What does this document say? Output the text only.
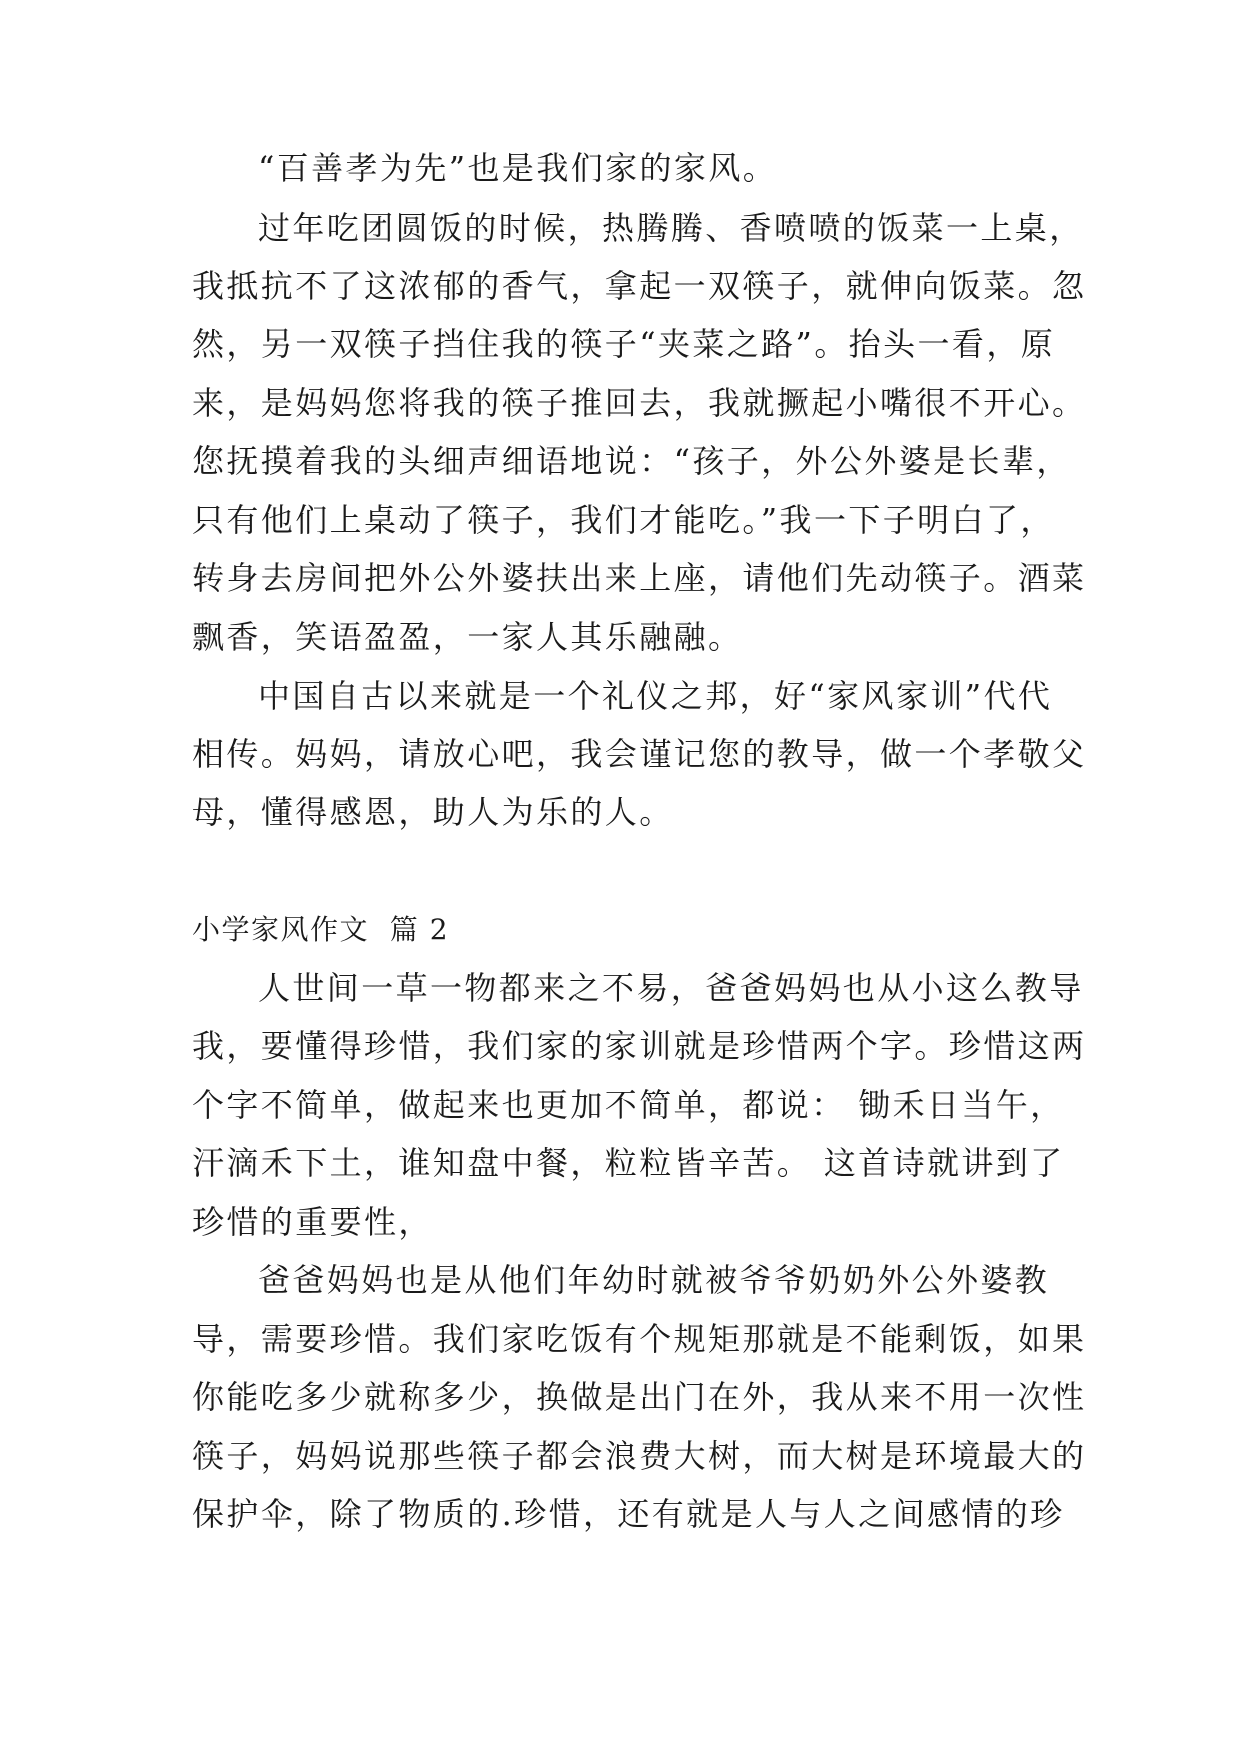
“百善孝为先”也是我们家的家风。
过年吃团圆饭的时候，热腾腾、香喷喷的饭菜一上桌，
我抵抗不了这浓郁的香气，拿起一双筷子，就伸向饭菜。忽
然，另一双筷子挡住我的筷子“夹菜之路”。抬头一看，原
来，是妈妈您将我的筷子推回去，我就撅起小嘴很不开心。
您抚摸着我的头细声细语地说：“孩子，外公外婆是长辈，
只有他们上桌动了筷子，我们才能吃。”我一下子明白了，
转身去房间把外公外婆扶出来上座，请他们先动筷子。酒菜
飘香，笑语盈盈，一家人其乐融融。
中国自古以来就是一个礼仪之邦，好“家风家训”代代
相传。妈妈，请放心吧，我会谨记您的教导，做一个孝敬父
母，懂得感恩，助人为乐的人。
小学家风作文  篇 2
人世间一草一物都来之不易，爸爸妈妈也从小这么教导
我，要懂得珍惜，我们家的家训就是珍惜两个字。珍惜这两
个字不简单，做起来也更加不简单，都说： 锄禾日当午，
汗滴禾下土，谁知盘中餐，粒粒皆辛苦。 这首诗就讲到了
珍惜的重要性，
爸爸妈妈也是从他们年幼时就被爷爷奶奶外公外婆教
导，需要珍惜。我们家吃饭有个规矩那就是不能剩饭，如果
你能吃多少就称多少，换做是出门在外，我从来不用一次性
筷子，妈妈说那些筷子都会浪费大树，而大树是环境最大的
保护伞，除了物质的.珍惜，还有就是人与人之间感情的珍
